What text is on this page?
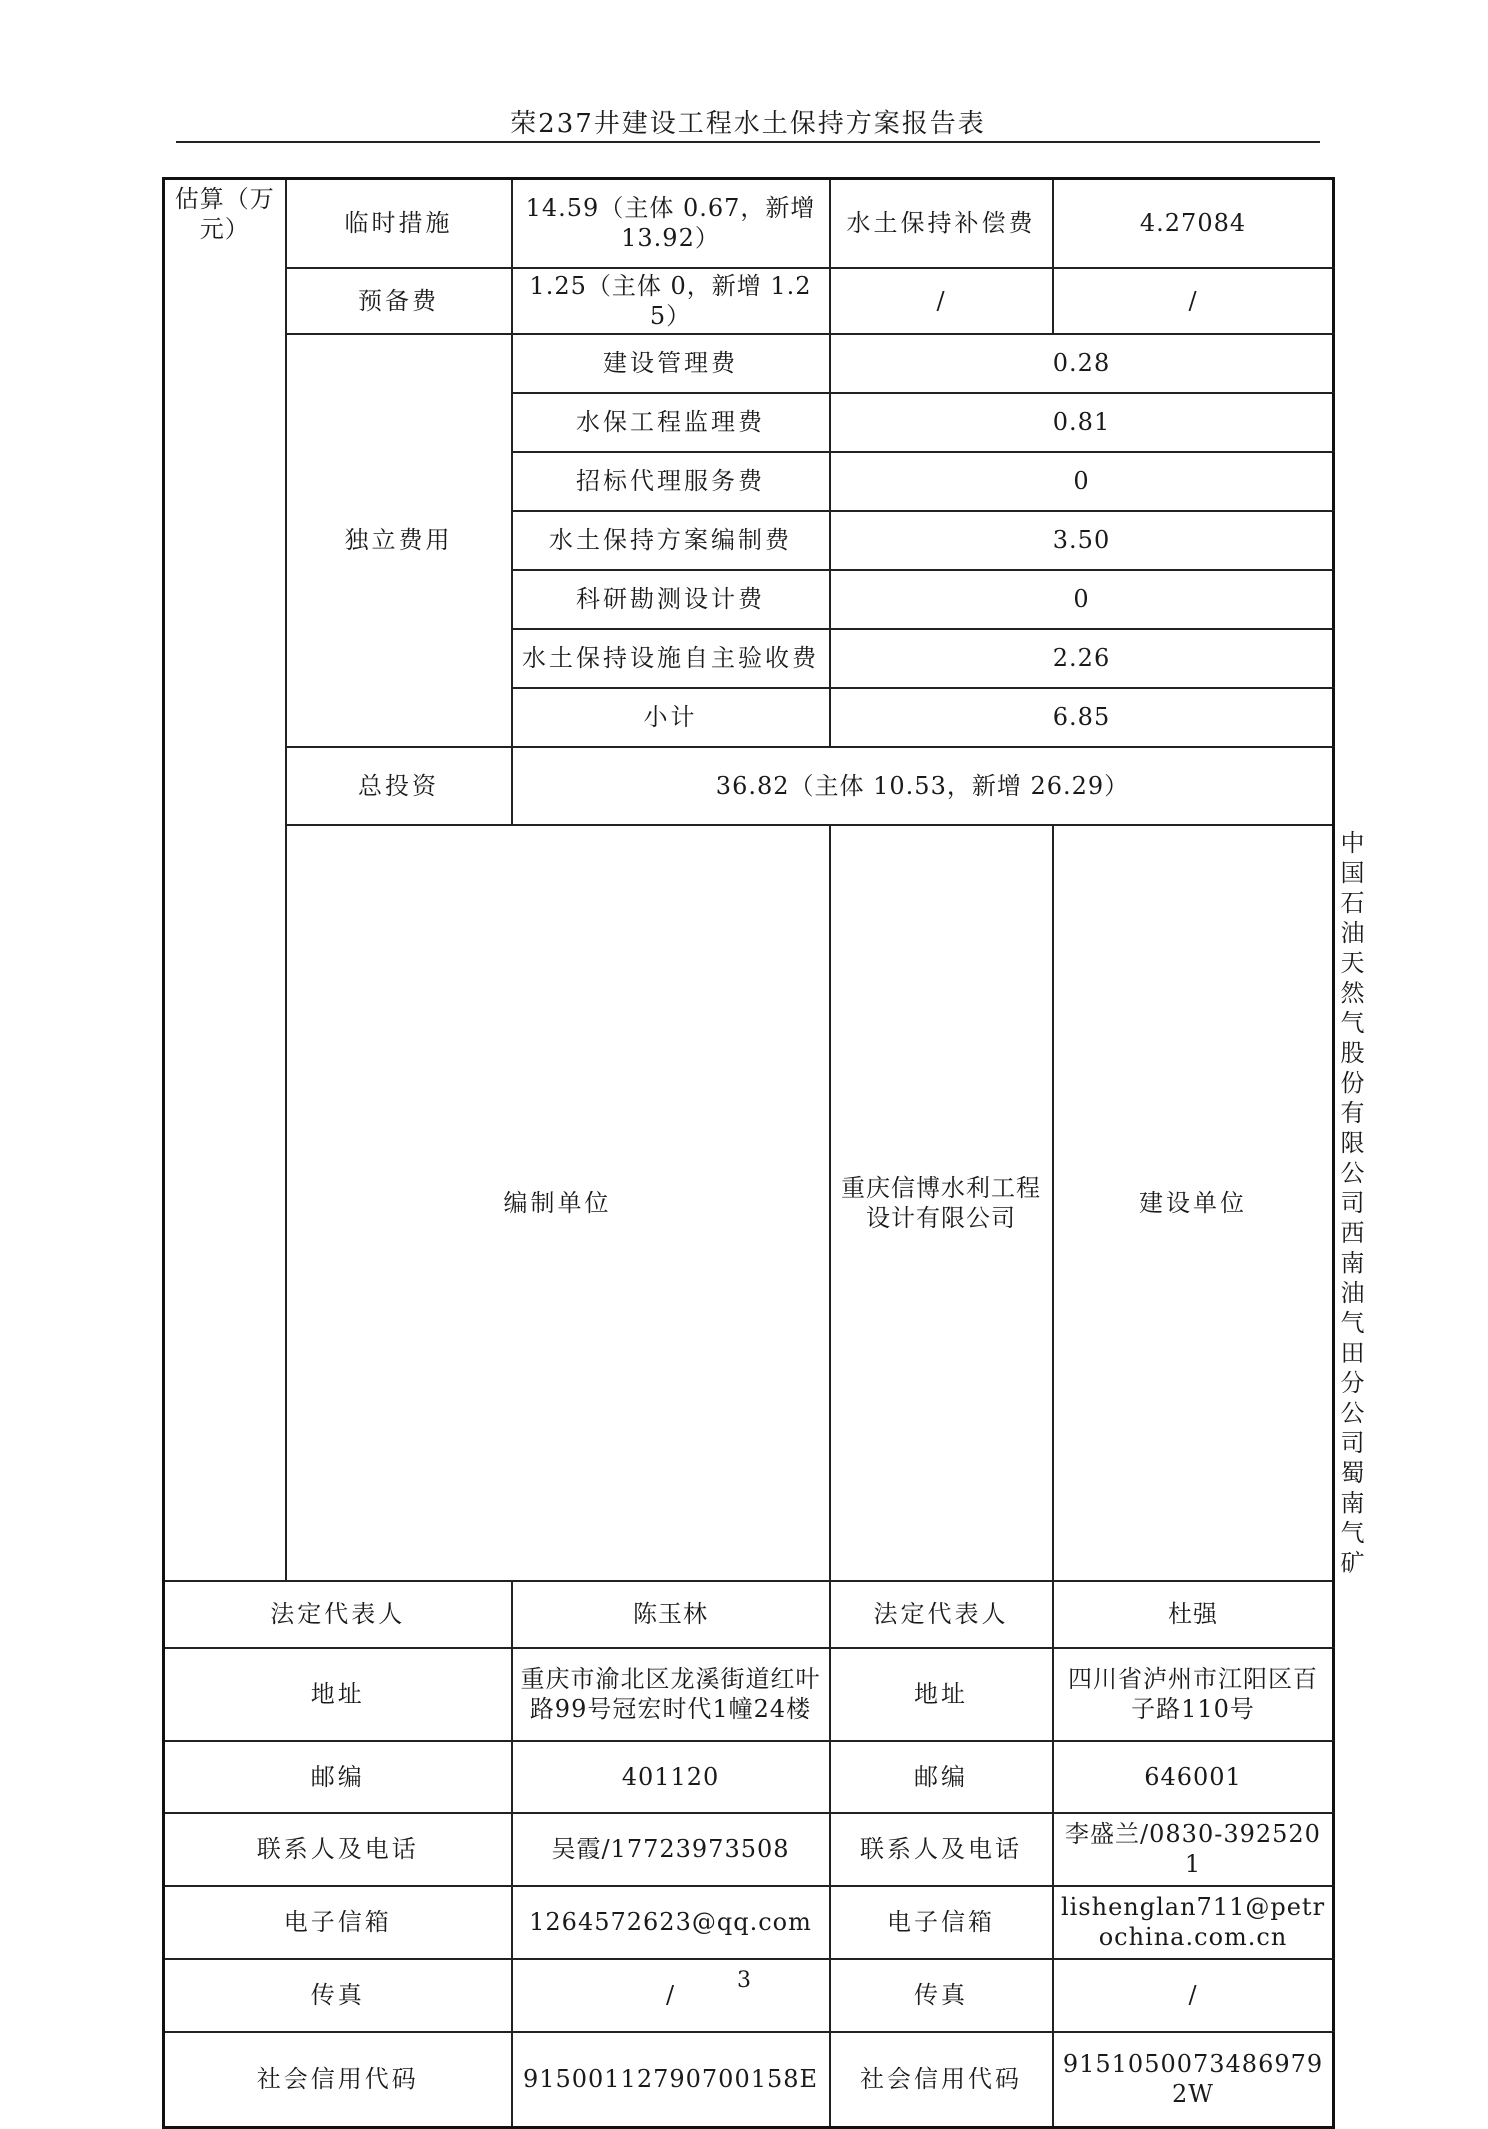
荣237井建设工程水土保持方案报告表
估算（万元）	临时措施	14.59（主体 0.67，新增 13.92）	水土保持补偿费	4.27084	
	预备费	1.25（主体 0，新增 1.25）	/	/	
	独立费用	建设管理费	0.28		
		水保工程监理费	0.81		
		招标代理服务费	0		
		水土保持方案编制费	3.50		
		科研勘测设计费	0		
		水土保持设施自主验收费	2.26		
		小计	6.85		
	总投资	36.82（主体 10.53，新增 26.29）			
	编制单位		重庆信博水利工程设计有限公司	建设单位	中国石油天然气股份有限公司西南油气田分公司蜀南气矿
法定代表人		陈玉林	法定代表人	杜强	
地址		重庆市渝北区龙溪街道红叶路99号冠宏时代1幢24楼	地址	四川省泸州市江阳区百子路110号	
邮编		401120	邮编	646001	
联系人及电话		吴霞/17723973508	联系人及电话	李盛兰/0830-3925201	
电子信箱		1264572623@qq.com	电子信箱	lishenglan711@petrochina.com.cn	
传真		/	传真	/	
社会信用代码		91500112790700158E	社会信用代码	91510500734869792W	
3
